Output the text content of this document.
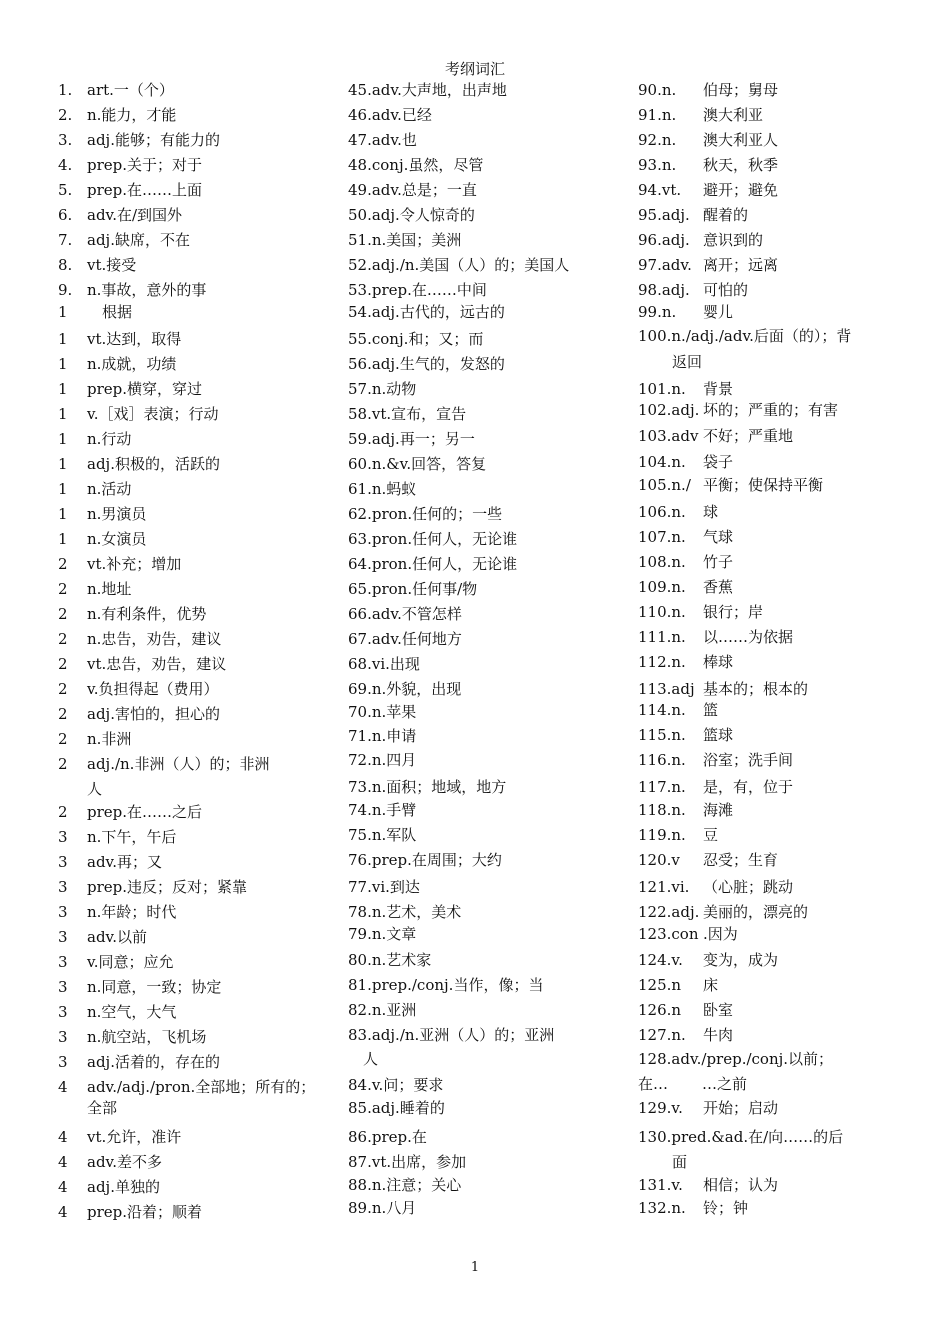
考纲词汇
1. art.一（个）
2. n.能力，才能
3. adj.能够；有能力的
4. prep.关于；对于
5. prep.在……上面
6. adv.在/到国外
7. adj.缺席，不在
8. vt.接受
9. n.事故，意外的事
1 　根据
1 vt.达到，取得
1 n.成就，功绩
1 prep.横穿，穿过
1 v.［戏］表演；行动
1 n.行动
1 adj.积极的，活跃的
1 n.活动
1 n.男演员
1 n.女演员
2 vt.补充；增加
2 n.地址
2 n.有利条件，优势
2 n.忠告，劝告，建议
2 vt.忠告，劝告，建议
2 v.负担得起（费用）
2 adj.害怕的，担心的
2 n.非洲
2 adj./n.非洲（人）的；非洲
人
2 prep.在……之后
3 n.下午，午后
3 adv.再；又
3 prep.违反；反对；紧靠
3 n.年龄；时代
3 adv.以前
3 v.同意；应允
3 n.同意，一致；协定
3 n.空气，大气
3 n.航空站，飞机场
3 adj.活着的，存在的
4 adv./adj./pron.全部地；所有的；
全部
4 vt.允许，准许
4 adv.差不多
4 adj.单独的
4 prep.沿着；顺着
45.adv.大声地，出声地
46.adv.已经
47.adv.也
48.conj.虽然，尽管
49.adv.总是；一直
50.adj.令人惊奇的
51.n.美国；美洲
52.adj./n.美国（人）的；美国人
53.prep.在……中间
54.adj.古代的，远古的
55.conj.和；又；而
56.adj.生气的，发怒的
57.n.动物
58.vt.宣布，宣告
59.adj.再一；另一
60.n.&v.回答，答复
61.n.蚂蚁
62.pron.任何的；一些
63.pron.任何人，无论谁
64.pron.任何人，无论谁
65.pron.任何事/物
66.adv.不管怎样
67.adv.任何地方
68.vi.出现
69.n.外貌，出现
70.n.苹果
71.n.申请
72.n.四月
73.n.面积；地域，地方
74.n.手臂
75.n.军队
76.prep.在周围；大约
77.vi.到达
78.n.艺术，美术
79.n.文章
80.n.艺术家
81.prep./conj.当作，像；当
82.n.亚洲
83.adj./n.亚洲（人）的；亚洲
　人
84.v.问；要求
85.adj.睡着的
86.prep.在
87.vt.出席，参加
88.n.注意；关心
89.n.八月
90.n. 伯母；舅母
91.n. 澳大利亚
92.n. 澳大利亚人
93.n. 秋天，秋季
94.vt. 避开；避免
95.adj. 醒着的
96.adj. 意识到的
97.adv. 离开；远离
98.adj. 可怕的
99.n. 婴儿
100.n./adj./adv.后面（的）；背
返回
101.n. 背景
102.adj. 坏的；严重的；有害
103.adv 不好；严重地
104.n. 袋子
105.n./ 平衡；使保持平衡
106.n. 球
107.n. 气球
108.n. 竹子
109.n. 香蕉
110.n. 银行；岸
111.n. 以……为依据
112.n. 棒球
113.adj 基本的；根本的
114.n. 篮
115.n. 篮球
116.n. 浴室；洗手间
117.n. 是，有，位于
118.n. 海滩
119.n. 豆
120.v 忍受；生育
121.vi. （心脏；跳动
122.adj. 美丽的，漂亮的
123.con .因为
124.v. 变为，成为
125.n 床
126.n 卧室
127.n. 牛肉
128.adv./prep./conj.以前；
在… …之前
129.v. 开始；启动
130.pred.&ad.在/向……的后
面
131.v. 相信；认为
132.n. 铃；钟
1
